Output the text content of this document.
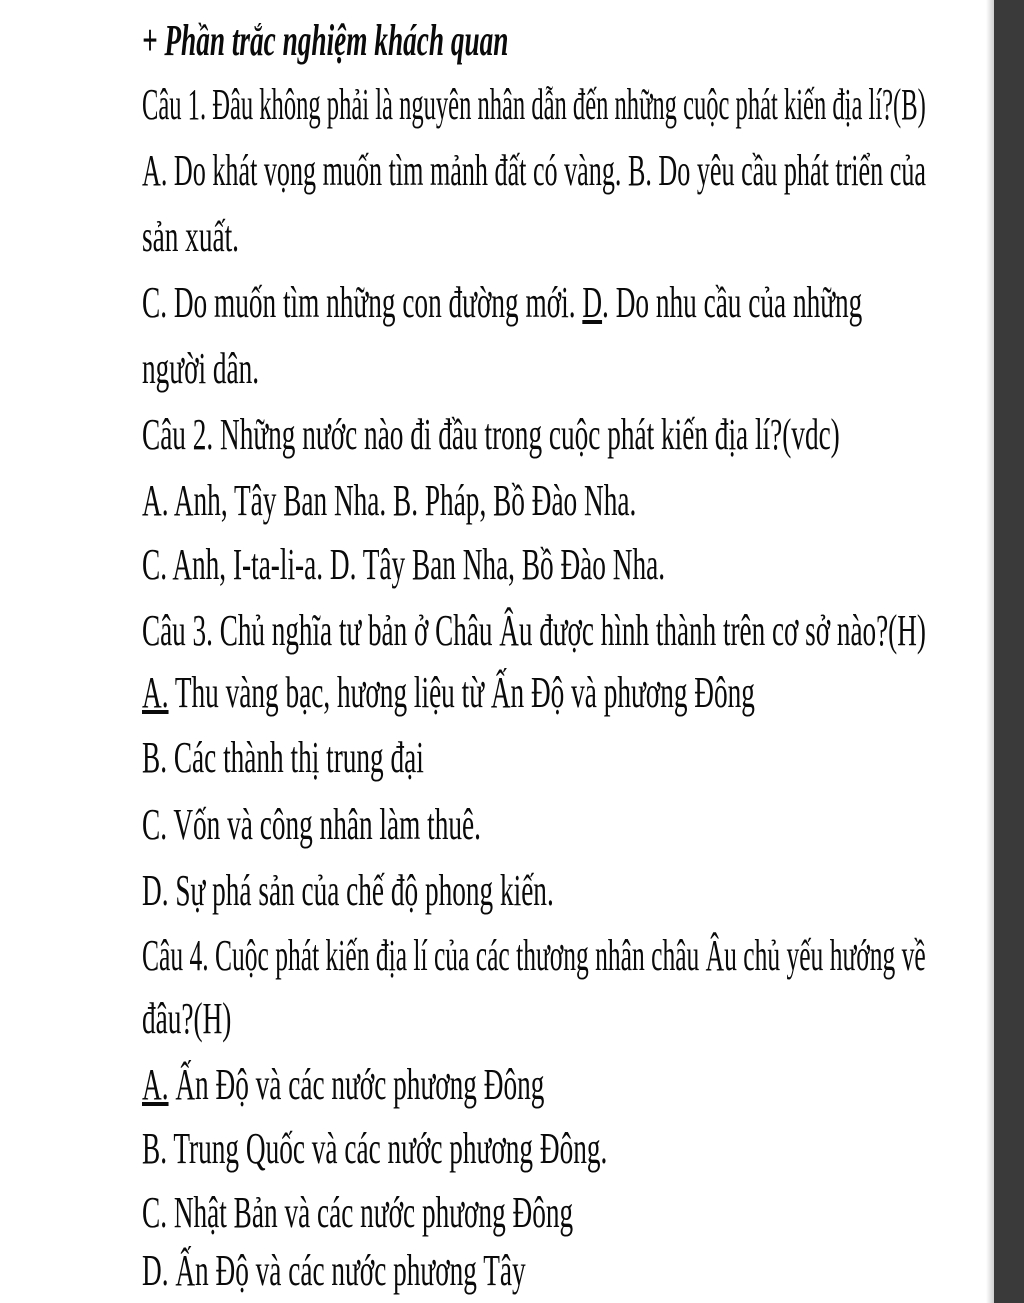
+ Phần trắc nghiệm khách quan
Câu 1. Đâu không phải là nguyên nhân dẫn đến những cuộc phát kiến địa lí?(B)
A. Do khát vọng muốn tìm mảnh đất có vàng. B. Do yêu cầu phát triển của
sản xuất.
C. Do muốn tìm những con đường mới. D. Do nhu cầu của những
người dân.
Câu 2. Những nước nào đi đầu trong cuộc phát kiến địa lí?(vdc)
A. Anh, Tây Ban Nha. B. Pháp, Bồ Đào Nha.
C. Anh, I-ta-li-a. D. Tây Ban Nha, Bồ Đào Nha.
Câu 3. Chủ nghĩa tư bản ở Châu Âu được hình thành trên cơ sở nào?(H)
A. Thu vàng bạc, hương liệu từ Ấn Độ và phương Đông
B. Các thành thị trung đại
C. Vốn và công nhân làm thuê.
D. Sự phá sản của chế độ phong kiến.
Câu 4. Cuộc phát kiến địa lí của các thương nhân châu Âu chủ yếu hướng về
đâu?(H)
A. Ấn Độ và các nước phương Đông
B. Trung Quốc và các nước phương Đông.
C. Nhật Bản và các nước phương Đông
D. Ấn Độ và các nước phương Tây
